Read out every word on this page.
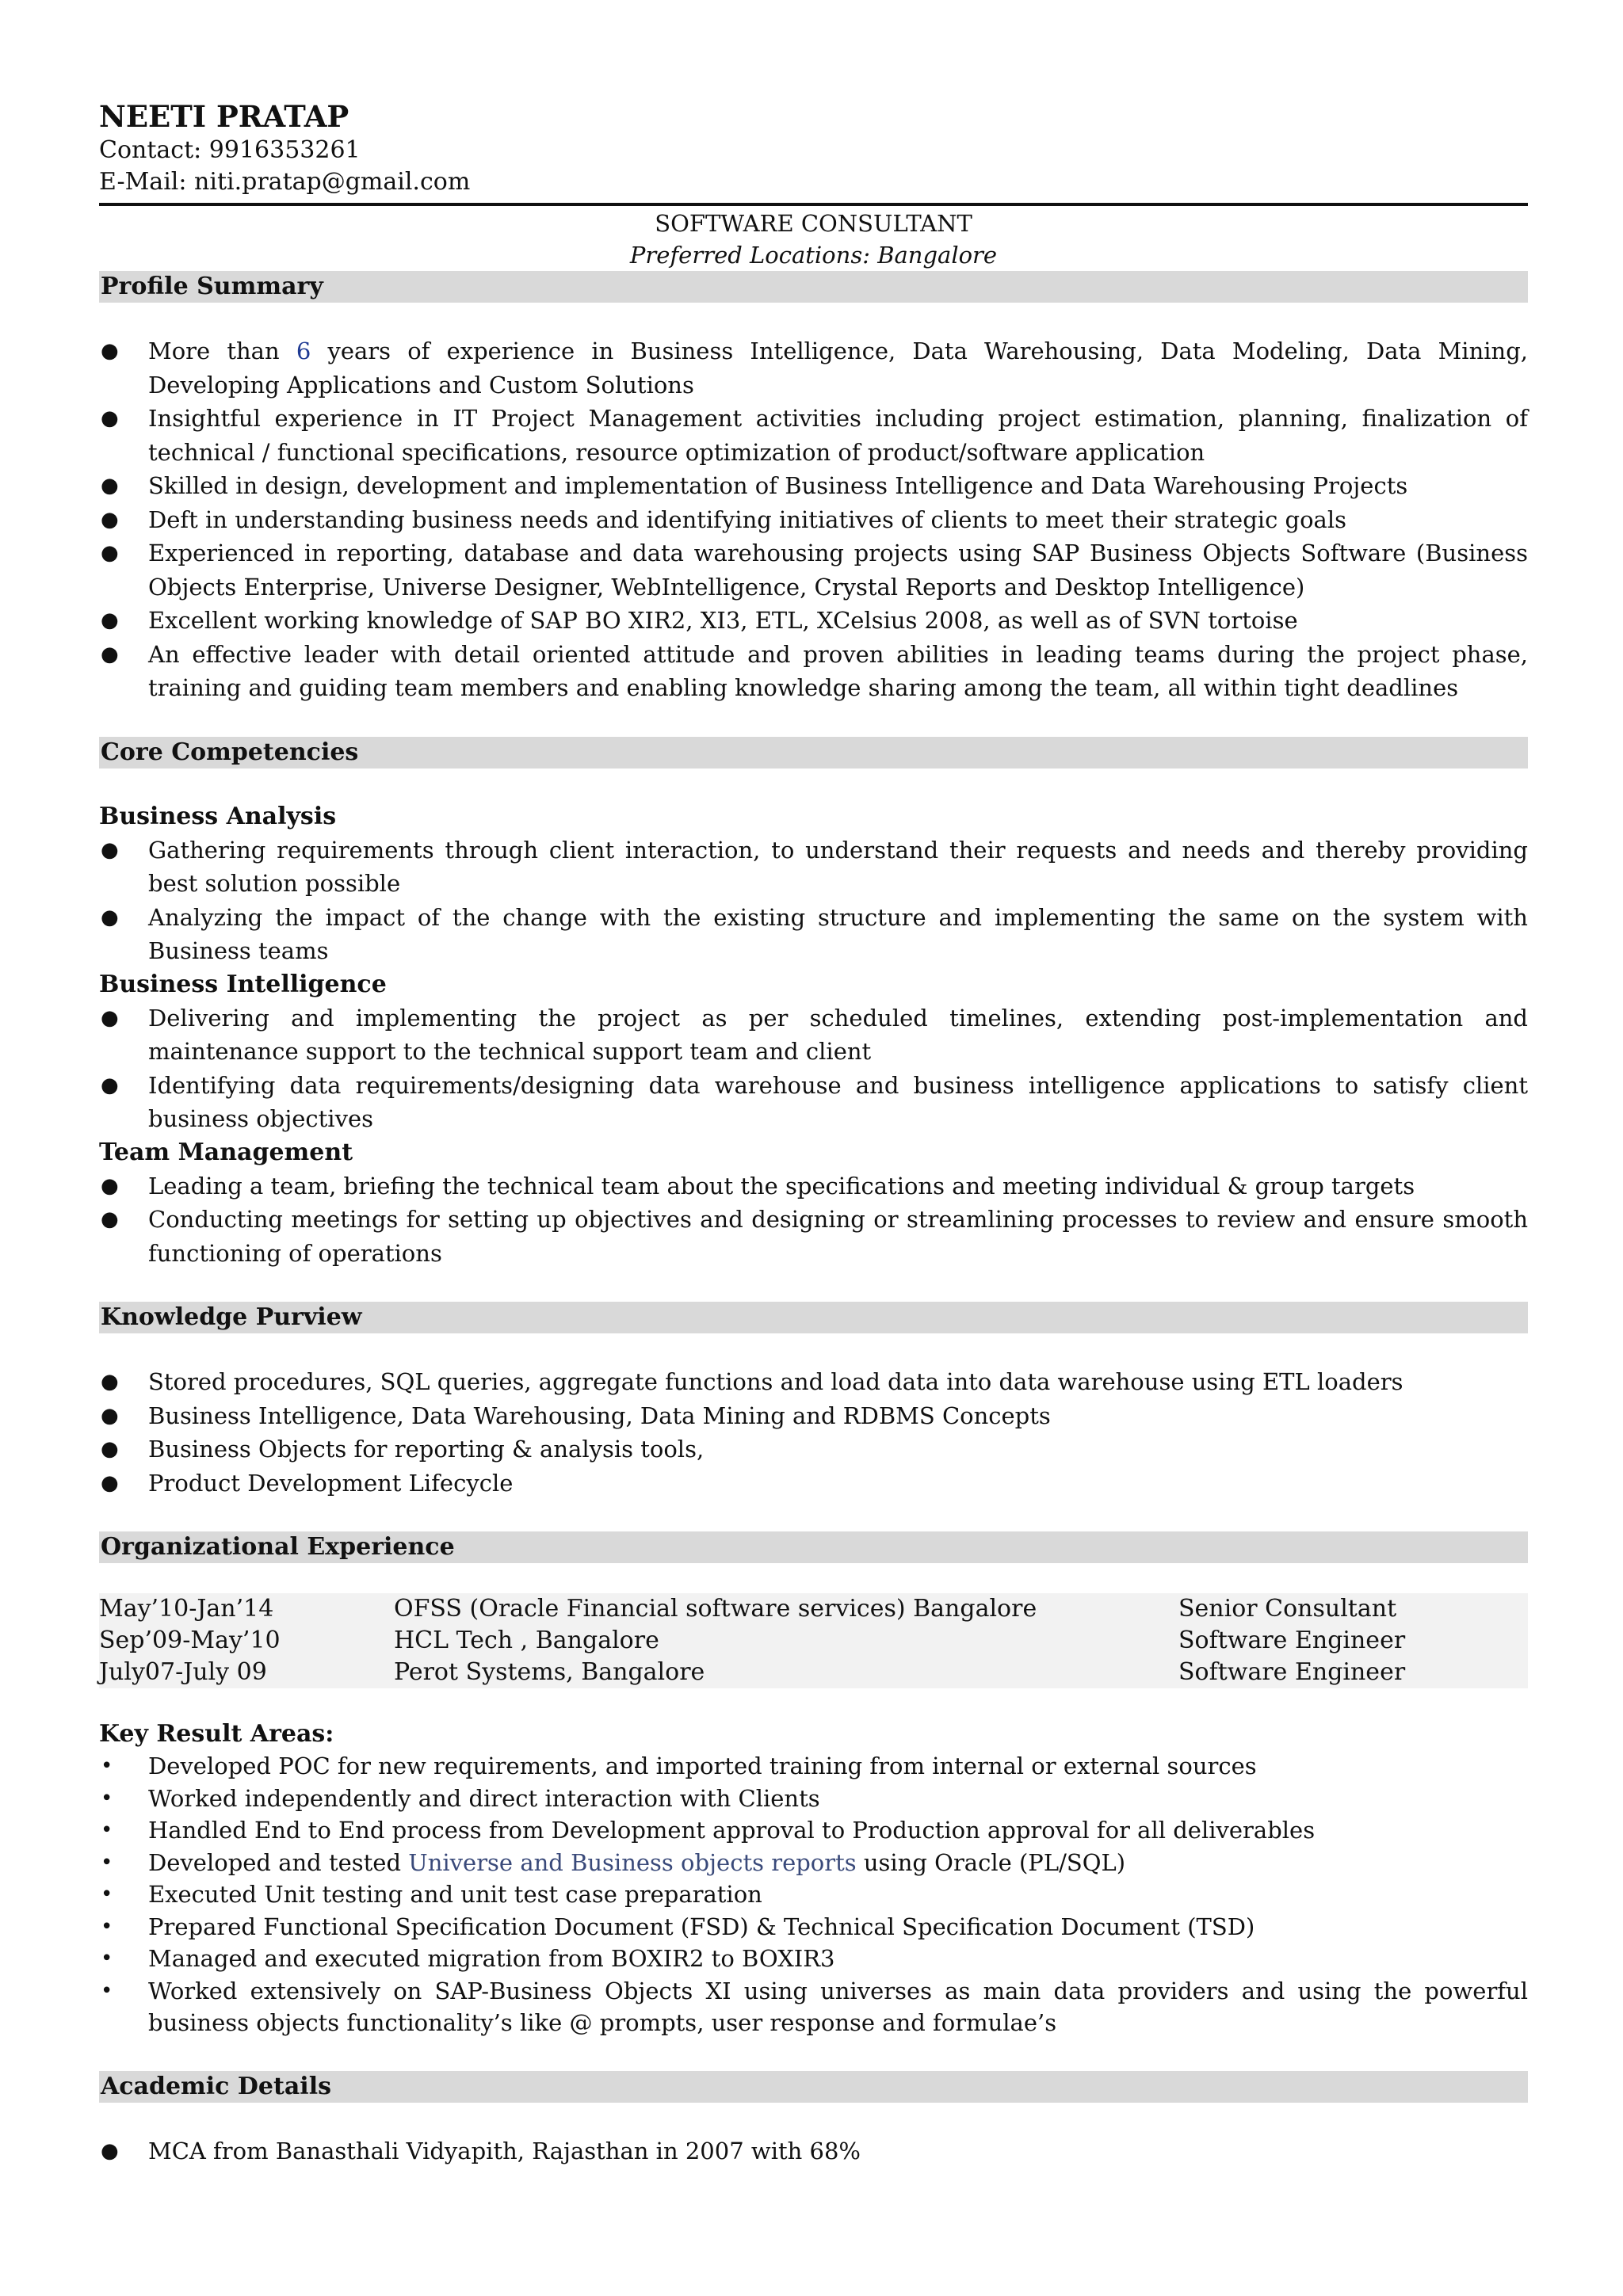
NEETI PRATAP
Contact: 9916353261
E-Mail: niti.pratap@gmail.com
SOFTWARE CONSULTANT
Preferred Locations: Bangalore
Profile Summary
● More than 6 years of experience in Business Intelligence, Data Warehousing, Data Modeling, Data Mining, Developing Applications and Custom Solutions
● Insightful experience in IT Project Management activities including project estimation, planning, finalization of technical / functional specifications, resource optimization of product/software application
● Skilled in design, development and implementation of Business Intelligence and Data Warehousing Projects
● Deft in understanding business needs and identifying initiatives of clients to meet their strategic goals
● Experienced in reporting, database and data warehousing projects using SAP Business Objects Software (Business Objects Enterprise, Universe Designer, WebIntelligence, Crystal Reports and Desktop Intelligence)
● Excellent working knowledge of SAP BO XIR2, XI3, ETL, XCelsius 2008, as well as of SVN tortoise
● An effective leader with detail oriented attitude and proven abilities in leading teams during the project phase, training and guiding team members and enabling knowledge sharing among the team, all within tight deadlines
Core Competencies
Business Analysis
● Gathering requirements through client interaction, to understand their requests and needs and thereby providing best solution possible
● Analyzing the impact of the change with the existing structure and implementing the same on the system with Business teams
Business Intelligence
● Delivering and implementing the project as per scheduled timelines, extending post-implementation and maintenance support to the technical support team and client
● Identifying data requirements/designing data warehouse and business intelligence applications to satisfy client business objectives
Team Management
● Leading a team, briefing the technical team about the specifications and meeting individual & group targets
● Conducting meetings for setting up objectives and designing or streamlining processes to review and ensure smooth functioning of operations
Knowledge Purview
● Stored procedures, SQL queries, aggregate functions and load data into data warehouse using ETL loaders
● Business Intelligence, Data Warehousing, Data Mining and RDBMS Concepts
● Business Objects for reporting & analysis tools,
● Product Development Lifecycle
Organizational Experience
May’10-Jan’14	OFSS (Oracle Financial software services) Bangalore	Senior Consultant
Sep’09-May’10	HCL Tech , Bangalore	Software Engineer
July07-July 09	Perot Systems, Bangalore	Software Engineer
Key Result Areas:
• Developed POC for new requirements, and imported training from internal or external sources
• Worked independently and direct interaction with Clients
• Handled End to End process from Development approval to Production approval for all deliverables
• Developed and tested Universe and Business objects reports using Oracle (PL/SQL)
• Executed Unit testing and unit test case preparation
• Prepared Functional Specification Document (FSD) & Technical Specification Document (TSD)
• Managed and executed migration from BOXIR2 to BOXIR3
• Worked extensively on SAP-Business Objects XI using universes as main data providers and using the powerful business objects functionality’s like @ prompts, user response and formulae’s
Academic Details
● MCA from Banasthali Vidyapith, Rajasthan in 2007 with 68%
